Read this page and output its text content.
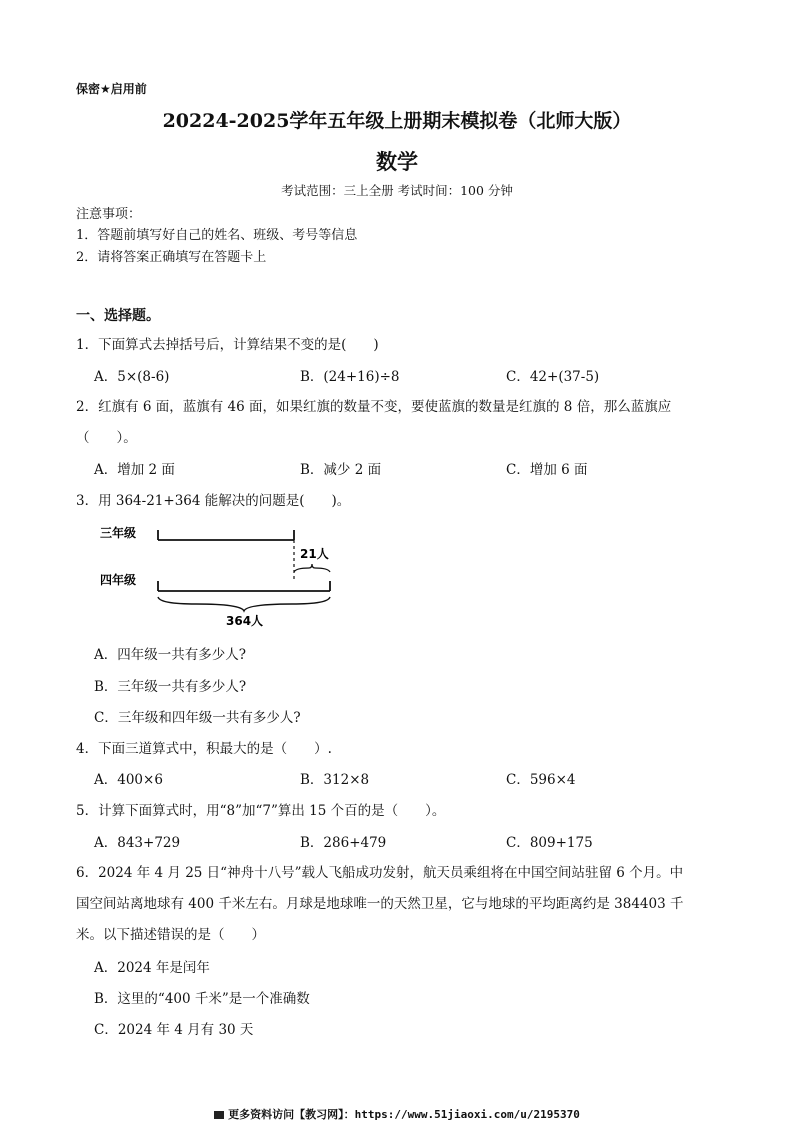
保密★启用前
20224-2025学年五年级上册期末模拟卷（北师大版）
数学
考试范围：三上全册 考试时间：100 分钟
注意事项：
1．答题前填写好自己的姓名、班级、考号等信息
2．请将答案正确填写在答题卡上
一、选择题。
1．下面算式去掉括号后，计算结果不变的是(　　)
A．5×(8-6)	B．(24+16)÷8	C．42+(37-5)
2．红旗有 6 面，蓝旗有 46 面，如果红旗的数量不变，要使蓝旗的数量是红旗的 8 倍，那么蓝旗应
（　　）。
A．增加 2 面	B．减少 2 面	C．增加 6 面
3．用 364-21+364 能解决的问题是(　　)。
三年级
21人
四年级
364人
A．四年级一共有多少人?
B．三年级一共有多少人?
C．三年级和四年级一共有多少人?
4．下面三道算式中，积最大的是（　　）.
A．400×6	B．312×8	C．596×4
5．计算下面算式时，用“8”加“7”算出 15 个百的是（　　）。
A．843+729	B．286+479	C．809+175
6．2024 年 4 月 25 日“神舟十八号”载人飞船成功发射，航天员乘组将在中国空间站驻留 6 个月。中
国空间站离地球有 400 千米左右。月球是地球唯一的天然卫星，它与地球的平均距离约是 384403 千
米。以下描述错误的是（　　）
A．2024 年是闰年
B．这里的“400 千米”是一个准确数
C．2024 年 4 月有 30 天
更多资料访问【教习网】：https://www.51jiaoxi.com/u/2195370
